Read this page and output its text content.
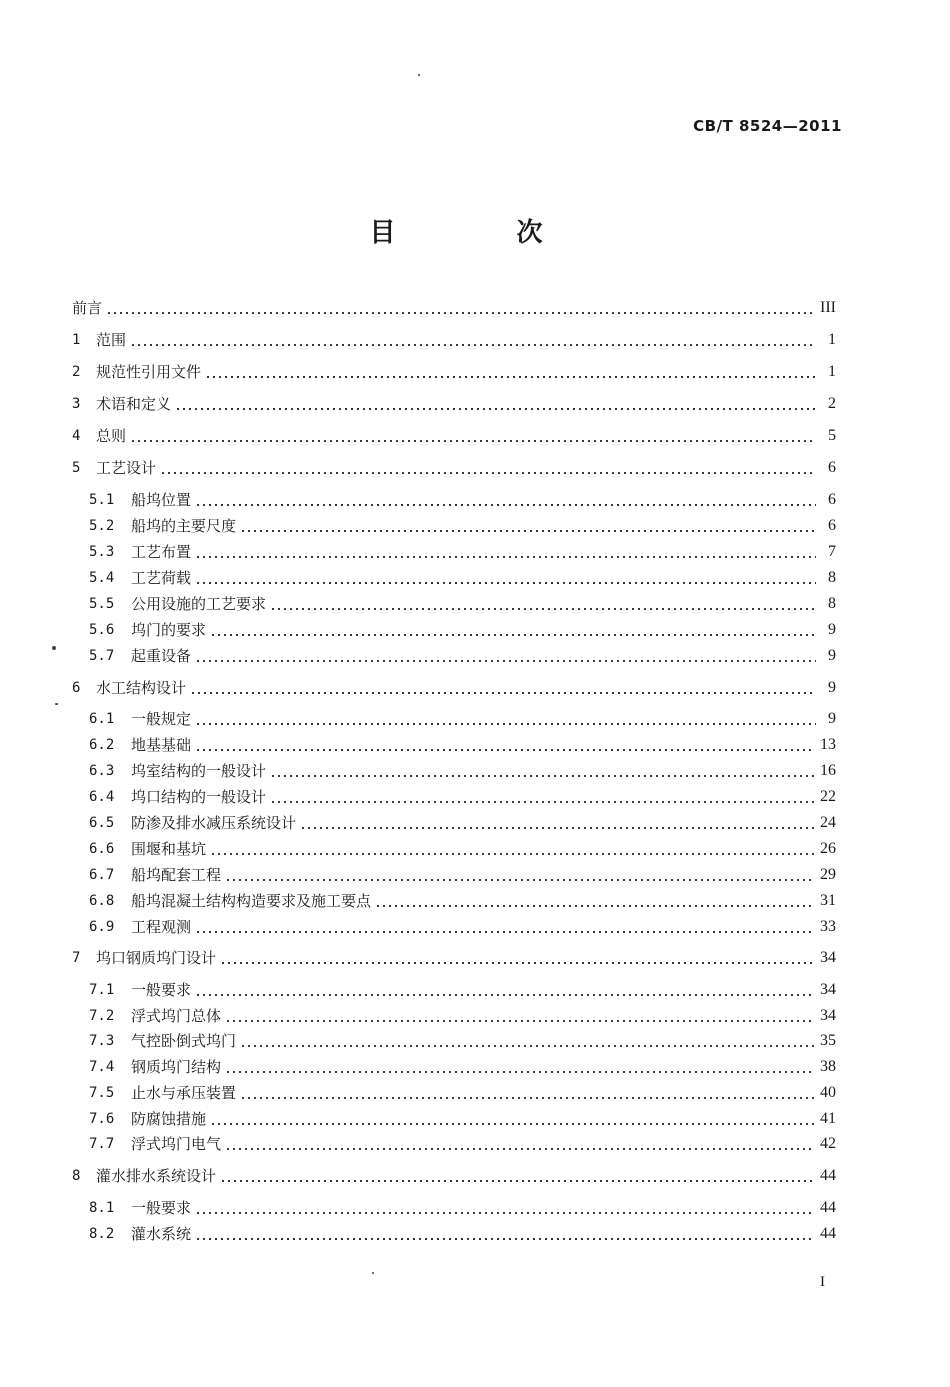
CB/T 8524—2011
目 次
前言	III
1	范围	1
2	规范性引用文件	1
3	术语和定义	2
4	总则	5
5	工艺设计	6
5.1	船坞位置	6
5.2	船坞的主要尺度	6
5.3	工艺布置	7
5.4	工艺荷载	8
5.5	公用设施的工艺要求	8
5.6	坞门的要求	9
5.7	起重设备	9
6	水工结构设计	9
6.1	一般规定	9
6.2	地基基础	13
6.3	坞室结构的一般设计	16
6.4	坞口结构的一般设计	22
6.5	防渗及排水减压系统设计	24
6.6	围堰和基坑	26
6.7	船坞配套工程	29
6.8	船坞混凝土结构构造要求及施工要点	31
6.9	工程观测	33
7	坞口钢质坞门设计	34
7.1	一般要求	34
7.2	浮式坞门总体	34
7.3	气控卧倒式坞门	35
7.4	钢质坞门结构	38
7.5	止水与承压装置	40
7.6	防腐蚀措施	41
7.7	浮式坞门电气	42
8	灌水排水系统设计	44
8.1	一般要求	44
8.2	灌水系统	44
I
